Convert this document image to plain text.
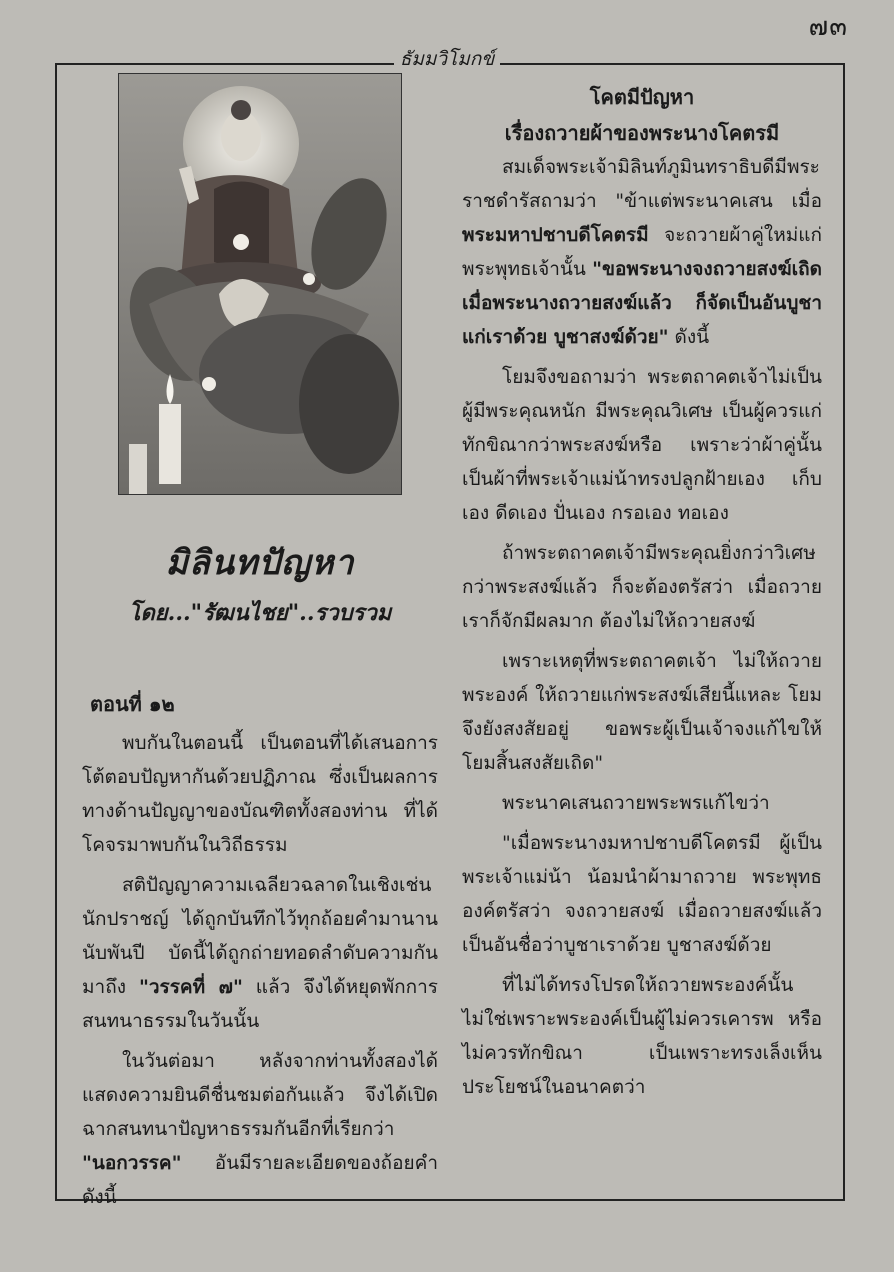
๗๓
ธัมมวิโมกข์
มิลินทปัญหา
โดย..."รัฒนไชย"..รวบรวม
ตอนที่ ๑๒

พบกันในตอนนี้ เป็นตอนที่ได้เสนอการโต้ตอบปัญหากันด้วยปฏิภาณ ซึ่งเป็นผลการทางด้านปัญญาของบัณฑิตทั้งสองท่าน ที่ได้โคจรมาพบกันในวิถีธรรม

สติปัญญาความเฉลียวฉลาดในเชิงเช่นนักปราชญ์ ได้ถูกบันทึกไว้ทุกถ้อยคำมานานนับพันปี บัดนี้ได้ถูกถ่ายทอดลำดับความกันมาถึง "วรรคที่ ๗" แล้ว จึงได้หยุดพักการสนทนาธรรมในวันนั้น

ในวันต่อมา หลังจากท่านทั้งสองได้แสดงความยินดีชื่นชมต่อกันแล้ว จึงได้เปิดฉากสนทนาปัญหาธรรมกันอีกที่เรียกว่า "นอกวรรค" อันมีรายละเอียดของถ้อยคำดังนี้

โคตมีปัญหา
เรื่องถวายผ้าของพระนางโคตรมี

สมเด็จพระเจ้ามิลินท์ภูมินทราธิบดีมีพระราชดำรัสถามว่า "ข้าแต่พระนาคเสน เมื่อ พระมหาปชาบดีโคตรมี จะถวายผ้าคู่ใหม่แก่พระพุทธเจ้านั้น "ขอพระนางจงถวายสงฆ์เถิด เมื่อพระนางถวายสงฆ์แล้ว ก็จัดเป็นอันบูชาแก่เราด้วย บูชาสงฆ์ด้วย" ดังนี้

โยมจึงขอถามว่า พระตถาคตเจ้าไม่เป็นผู้มีพระคุณหนัก มีพระคุณวิเศษ เป็นผู้ควรแก่ทักขิณากว่าพระสงฆ์หรือ เพราะว่าผ้าคู่นั้น เป็นผ้าที่พระเจ้าแม่น้าทรงปลูกฝ้ายเอง เก็บเอง ดีดเอง ปั่นเอง กรอเอง ทอเอง

ถ้าพระตถาคตเจ้ามีพระคุณยิ่งกว่าวิเศษกว่าพระสงฆ์แล้ว ก็จะต้องตรัสว่า เมื่อถวายเราก็จักมีผลมาก ต้องไม่ให้ถวายสงฆ์

เพราะเหตุที่พระตถาคตเจ้า ไม่ให้ถวายพระองค์ ให้ถวายแก่พระสงฆ์เสียนี้แหละ โยมจึงยังสงสัยอยู่ ขอพระผู้เป็นเจ้าจงแก้ไขให้โยมสิ้นสงสัยเถิด"

พระนาคเสนถวายพระพรแก้ไขว่า

"เมื่อพระนางมหาปชาบดีโคตรมี ผู้เป็นพระเจ้าแม่น้า น้อมนำผ้ามาถวาย พระพุทธองค์ตรัสว่า จงถวายสงฆ์ เมื่อถวายสงฆ์แล้วเป็นอันชื่อว่าบูชาเราด้วย บูชาสงฆ์ด้วย

ที่ไม่ได้ทรงโปรดให้ถวายพระองค์นั้นไม่ใช่เพราะพระองค์เป็นผู้ไม่ควรเคารพ หรือไม่ควรทักขิณา เป็นเพราะทรงเล็งเห็นประโยชน์ในอนาคตว่า
